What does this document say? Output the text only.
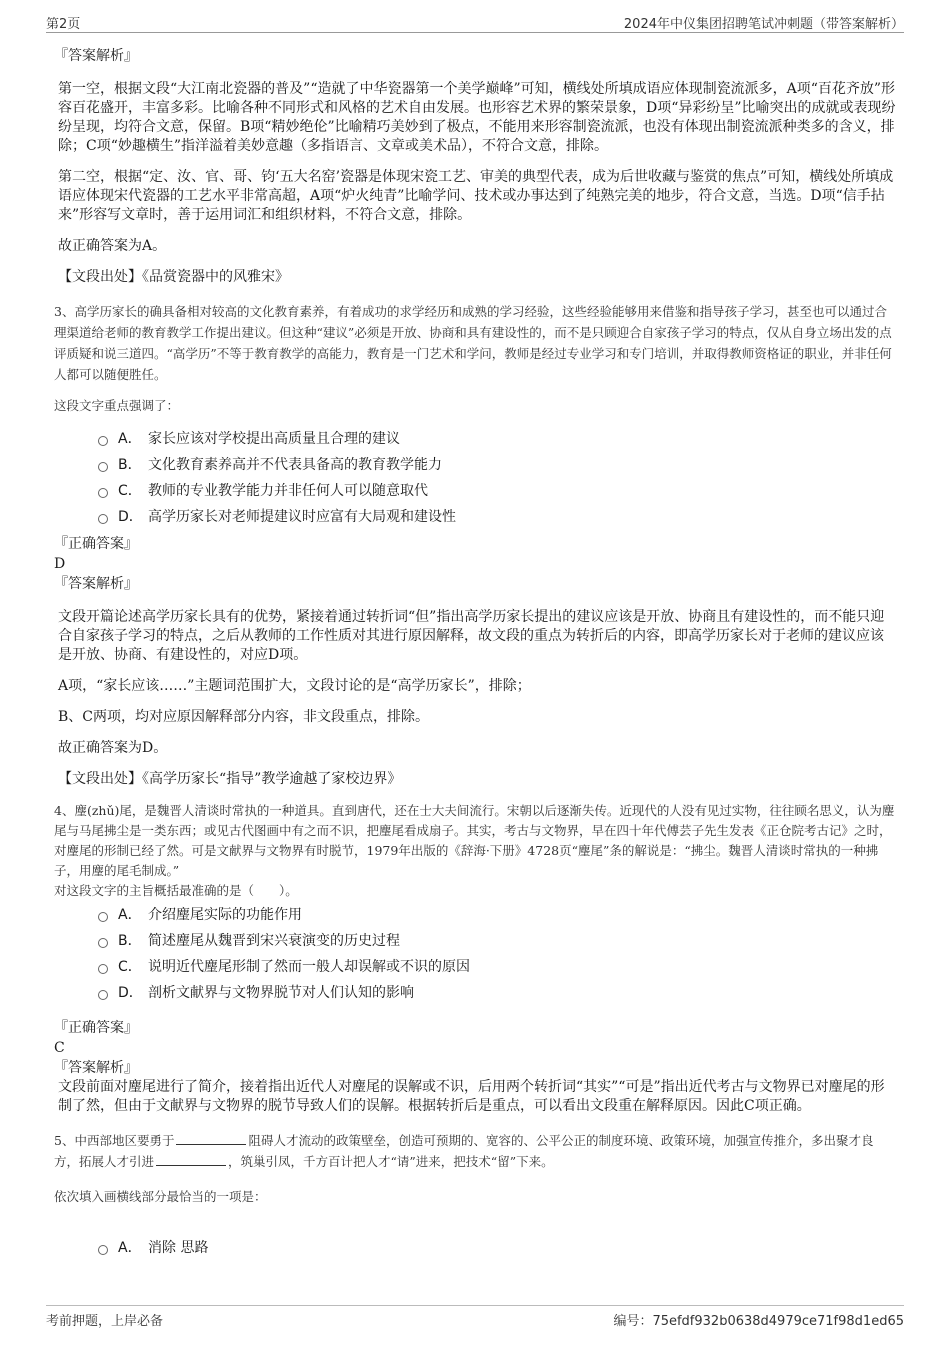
第2页	2024年中仪集团招聘笔试冲刺题（带答案解析）

『答案解析』

第一空，根据文段“大江南北瓷器的普及”“造就了中华瓷器第一个美学巅峰”可知，横线处所填成语应体现制瓷流派多，A项“百花齐放”形容百花盛开，丰富多彩。比喻各种不同形式和风格的艺术自由发展。也形容艺术界的繁荣景象，D项“异彩纷呈”比喻突出的成就或表现纷纷呈现，均符合文意，保留。B项“精妙绝伦”比喻精巧美妙到了极点，不能用来形容制瓷流派，也没有体现出制瓷流派种类多的含义，排除；C项“妙趣横生”指洋溢着美妙意趣（多指语言、文章或美术品），不符合文意，排除。

第二空，根据“定、汝、官、哥、钧‘五大名窑’瓷器是体现宋瓷工艺、审美的典型代表，成为后世收藏与鉴赏的焦点”可知，横线处所填成语应体现宋代瓷器的工艺水平非常高超，A项“炉火纯青”比喻学问、技术或办事达到了纯熟完美的地步，符合文意，当选。D项“信手拈来”形容写文章时，善于运用词汇和组织材料，不符合文意，排除。

故正确答案为A。

【文段出处】《品赏瓷器中的风雅宋》

3、高学历家长的确具备相对较高的文化教育素养，有着成功的求学经历和成熟的学习经验，这些经验能够用来借鉴和指导孩子学习，甚至也可以通过合理渠道给老师的教育教学工作提出建议。但这种“建议”必须是开放、协商和具有建设性的，而不是只顾迎合自家孩子学习的特点，仅从自身立场出发的点评质疑和说三道四。“高学历”不等于教育教学的高能力，教育是一门艺术和学问，教师是经过专业学习和专门培训，并取得教师资格证的职业，并非任何人都可以随便胜任。

这段文字重点强调了：

A． 家长应该对学校提出高质量且合理的建议
B． 文化教育素养高并不代表具备高的教育教学能力
C． 教师的专业教学能力并非任何人可以随意取代
D． 高学历家长对老师提建议时应富有大局观和建设性

『正确答案』

D

『答案解析』

文段开篇论述高学历家长具有的优势，紧接着通过转折词“但”指出高学历家长提出的建议应该是开放、协商且有建设性的，而不能只迎合自家孩子学习的特点，之后从教师的工作性质对其进行原因解释，故文段的重点为转折后的内容，即高学历家长对于老师的建议应该是开放、协商、有建设性的，对应D项。

A项，“家长应该……”主题词范围扩大，文段讨论的是“高学历家长”，排除；

B、C两项，均对应原因解释部分内容，非文段重点，排除。

故正确答案为D。

【文段出处】《高学历家长“指导”教学逾越了家校边界》

4、麈(zhǔ)尾，是魏晋人清谈时常执的一种道具。直到唐代，还在士大夫间流行。宋朝以后逐渐失传。近现代的人没有见过实物，往往顾名思义，认为麈尾与马尾拂尘是一类东西；或见古代图画中有之而不识，把麈尾看成扇子。其实，考古与文物界，早在四十年代傅芸子先生发表《正仓院考古记》之时，对麈尾的形制已经了然。可是文献界与文物界有时脱节，1979年出版的《辞海·下册》4728页“麈尾”条的解说是：“拂尘。魏晋人清谈时常执的一种拂子，用麈的尾毛制成。”

对这段文字的主旨概括最准确的是（　　）。

A． 介绍麈尾实际的功能作用
B． 简述麈尾从魏晋到宋兴衰演变的历史过程
C． 说明近代麈尾形制了然而一般人却误解或不识的原因
D． 剖析文献界与文物界脱节对人们认知的影响

『正确答案』

C

『答案解析』

文段前面对麈尾进行了简介，接着指出近代人对麈尾的误解或不识，后用两个转折词“其实”“可是”指出近代考古与文物界已对麈尾的形制了然，但由于文献界与文物界的脱节导致人们的误解。根据转折后是重点，可以看出文段重在解释原因。因此C项正确。

5、中西部地区要勇于	阻碍人才流动的政策壁垒，创造可预期的、宽容的、公平公正的制度环境、政策环境，加强宣传推介，多出聚才良方，拓展人才引进	，筑巢引凤，千方百计把人才“请”进来，把技术“留”下来。

依次填入画横线部分最恰当的一项是：

A． 消除 思路
考前押题，上岸必备	编号：75efdf932b0638d4979ce71f98d1ed65
